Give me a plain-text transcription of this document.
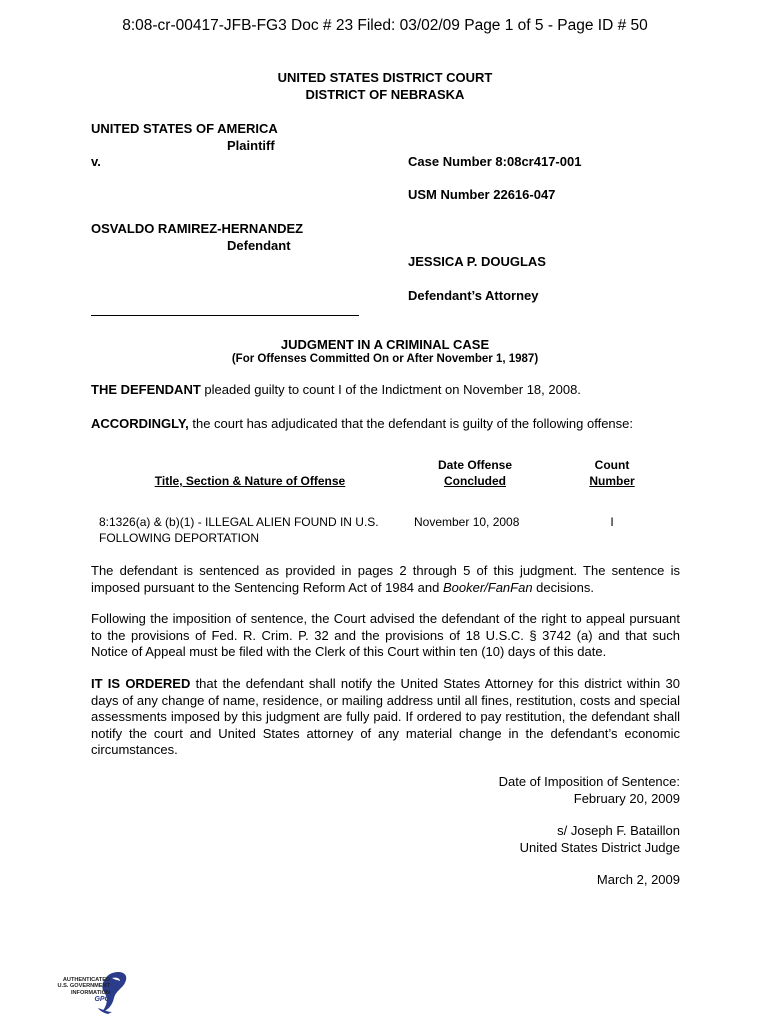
8:08-cr-00417-JFB-FG3 Doc # 23 Filed: 03/02/09 Page 1 of 5 - Page ID # 50
UNITED STATES DISTRICT COURT
DISTRICT OF NEBRASKA
UNITED STATES OF AMERICA
Plaintiff
v.	Case Number 8:08cr417-001
USM Number 22616-047
OSVALDO RAMIREZ-HERNANDEZ
Defendant
JESSICA P. DOUGLAS
Defendant’s Attorney
JUDGMENT IN A CRIMINAL CASE
(For Offenses Committed On or After November 1, 1987)
THE DEFENDANT pleaded guilty to count I of the Indictment on November 18, 2008.
ACCORDINGLY, the court has adjudicated that the defendant is guilty of the following offense:
Title, Section & Nature of Offense
Date Offense
Concluded
Count
Number
8:1326(a) & (b)(1) - ILLEGAL ALIEN FOUND IN U.S.
FOLLOWING DEPORTATION
November 10, 2008	I
The defendant is sentenced as provided in pages 2 through 5 of this judgment. The sentence is imposed pursuant to the Sentencing Reform Act of 1984 and Booker/FanFan decisions.
Following the imposition of sentence, the Court advised the defendant of the right to appeal pursuant to the provisions of Fed. R. Crim. P. 32 and the provisions of 18 U.S.C. § 3742 (a) and that such Notice of Appeal must be filed with the Clerk of this Court within ten (10) days of this date.
IT IS ORDERED that the defendant shall notify the United States Attorney for this district within 30 days of any change of name, residence, or mailing address until all fines, restitution, costs and special assessments imposed by this judgment are fully paid. If ordered to pay restitution, the defendant shall notify the court and United States attorney of any material change in the defendant’s economic circumstances.
Date of Imposition of Sentence:
February 20, 2009
s/ Joseph F. Bataillon
United States District Judge
March 2, 2009
AUTHENTICATED
U.S. GOVERNMENT
INFORMATION
GPO
